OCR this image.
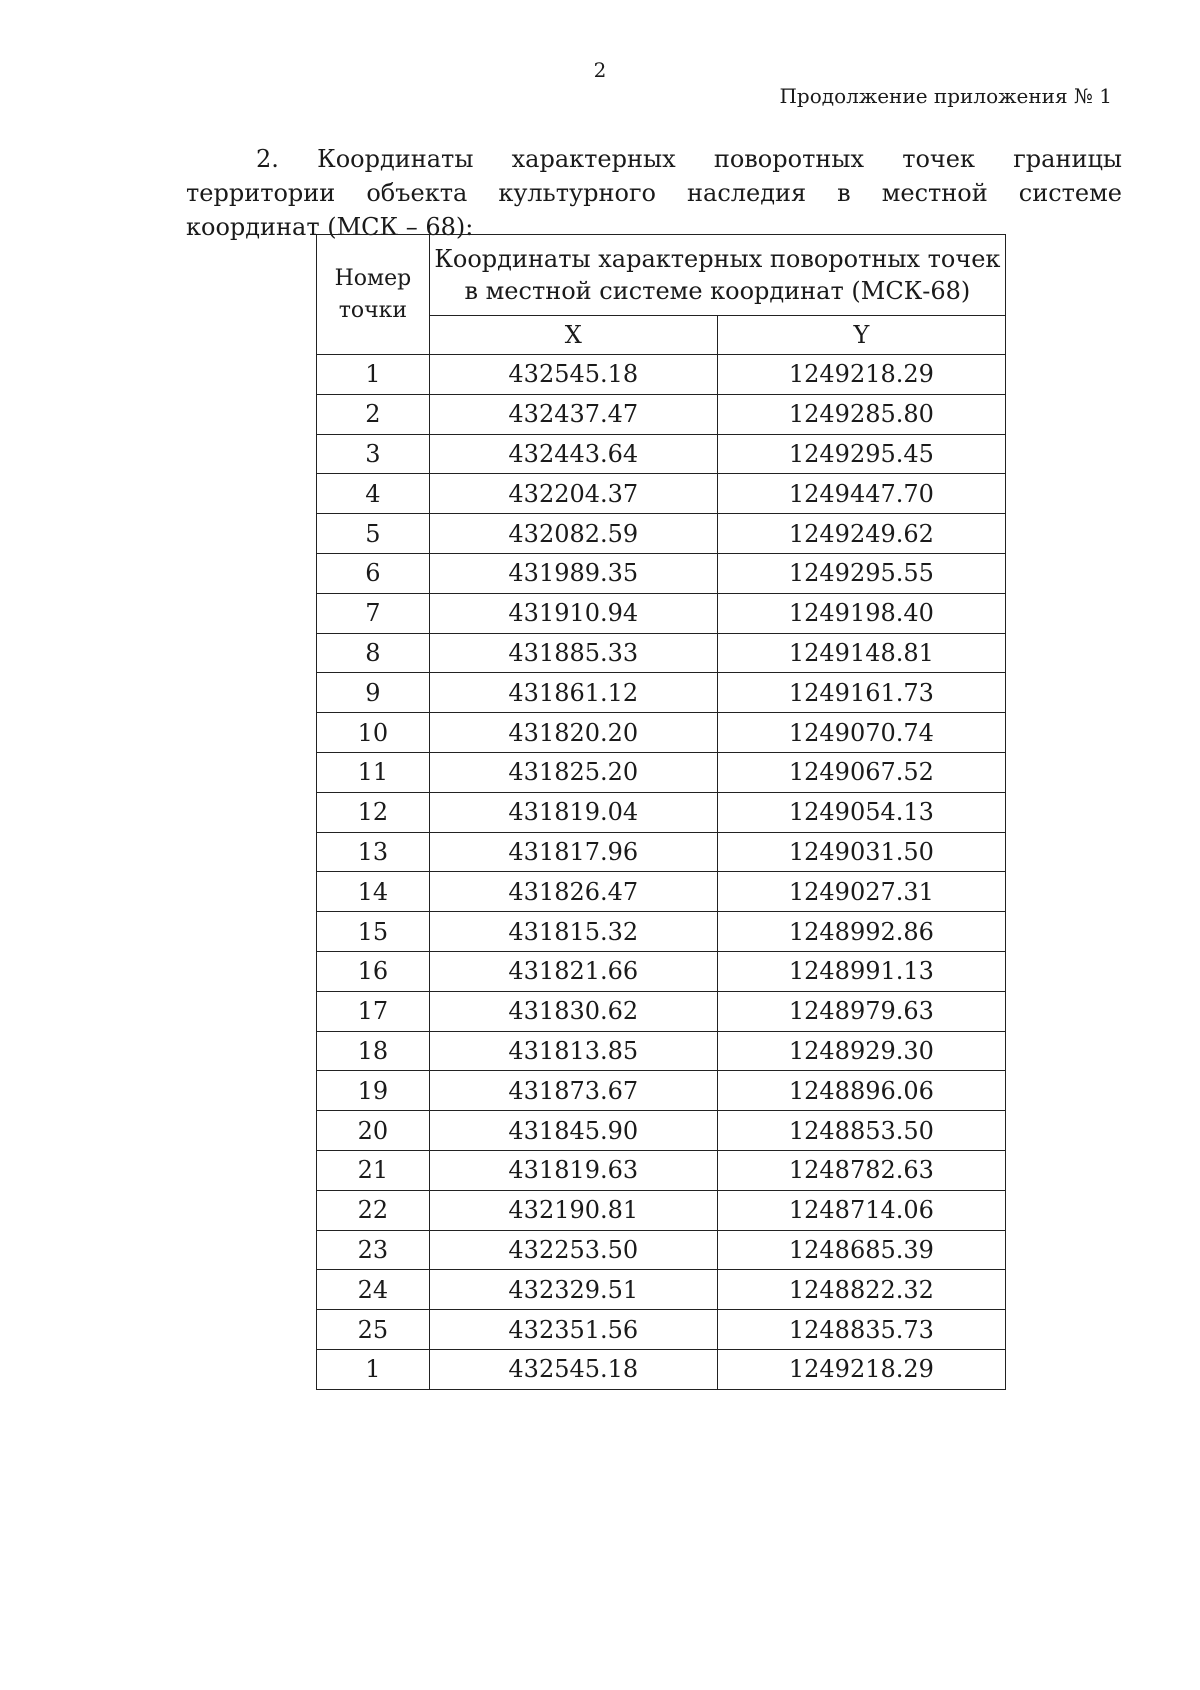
2
Продолжение приложения № 1
2. Координаты характерных поворотных точек границы территории объекта культурного наследия в местной системе координат (МСК – 68):
Номер точки	Координаты характерных поворотных точек в местной системе координат (МСК-68)	
	X	Y
1	432545.18	1249218.29
2	432437.47	1249285.80
3	432443.64	1249295.45
4	432204.37	1249447.70
5	432082.59	1249249.62
6	431989.35	1249295.55
7	431910.94	1249198.40
8	431885.33	1249148.81
9	431861.12	1249161.73
10	431820.20	1249070.74
11	431825.20	1249067.52
12	431819.04	1249054.13
13	431817.96	1249031.50
14	431826.47	1249027.31
15	431815.32	1248992.86
16	431821.66	1248991.13
17	431830.62	1248979.63
18	431813.85	1248929.30
19	431873.67	1248896.06
20	431845.90	1248853.50
21	431819.63	1248782.63
22	432190.81	1248714.06
23	432253.50	1248685.39
24	432329.51	1248822.32
25	432351.56	1248835.73
1	432545.18	1249218.29
